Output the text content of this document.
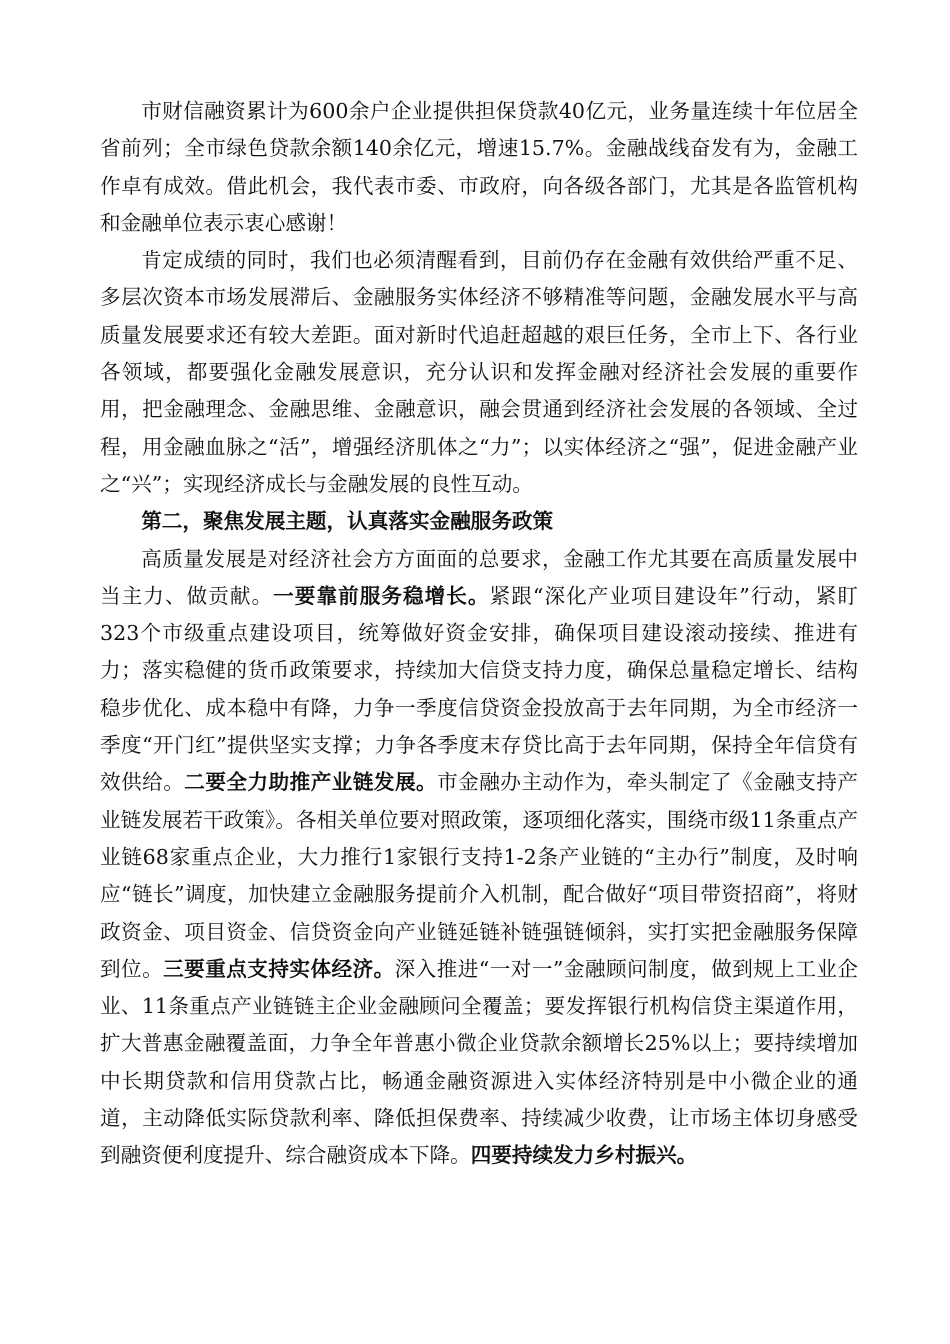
市财信融资累计为600余户企业提供担保贷款40亿元，业务量连续十年位居全省前列；全市绿色贷款余额140余亿元，增速15.7%。金融战线奋发有为，金融工作卓有成效。借此机会，我代表市委、市政府，向各级各部门，尤其是各监管机构和金融单位表示衷心感谢！

肯定成绩的同时，我们也必须清醒看到，目前仍存在金融有效供给严重不足、多层次资本市场发展滞后、金融服务实体经济不够精准等问题，金融发展水平与高质量发展要求还有较大差距。面对新时代追赶超越的艰巨任务，全市上下、各行业各领域，都要强化金融发展意识，充分认识和发挥金融对经济社会发展的重要作用，把金融理念、金融思维、金融意识，融会贯通到经济社会发展的各领域、全过程，用金融血脉之“活”，增强经济肌体之“力”；以实体经济之“强”，促进金融产业之“兴”；实现经济成长与金融发展的良性互动。

第二，聚焦发展主题，认真落实金融服务政策

高质量发展是对经济社会方方面面的总要求，金融工作尤其要在高质量发展中当主力、做贡献。一要靠前服务稳增长。紧跟“深化产业项目建设年”行动，紧盯323个市级重点建设项目，统筹做好资金安排，确保项目建设滚动接续、推进有力；落实稳健的货币政策要求，持续加大信贷支持力度，确保总量稳定增长、结构稳步优化、成本稳中有降，力争一季度信贷资金投放高于去年同期，为全市经济一季度“开门红”提供坚实支撑；力争各季度末存贷比高于去年同期，保持全年信贷有效供给。二要全力助推产业链发展。市金融办主动作为，牵头制定了《金融支持产业链发展若干政策》。各相关单位要对照政策，逐项细化落实，围绕市级11条重点产业链68家重点企业，大力推行1家银行支持1-2条产业链的“主办行”制度，及时响应“链长”调度，加快建立金融服务提前介入机制，配合做好“项目带资招商”，将财政资金、项目资金、信贷资金向产业链延链补链强链倾斜，实打实把金融服务保障到位。三要重点支持实体经济。深入推进“一对一”金融顾问制度，做到规上工业企业、11条重点产业链链主企业金融顾问全覆盖；要发挥银行机构信贷主渠道作用，扩大普惠金融覆盖面，力争全年普惠小微企业贷款余额增长25%以上；要持续增加中长期贷款和信用贷款占比，畅通金融资源进入实体经济特别是中小微企业的通道，主动降低实际贷款利率、降低担保费率、持续减少收费，让市场主体切身感受到融资便利度提升、综合融资成本下降。四要持续发力乡村振兴。
